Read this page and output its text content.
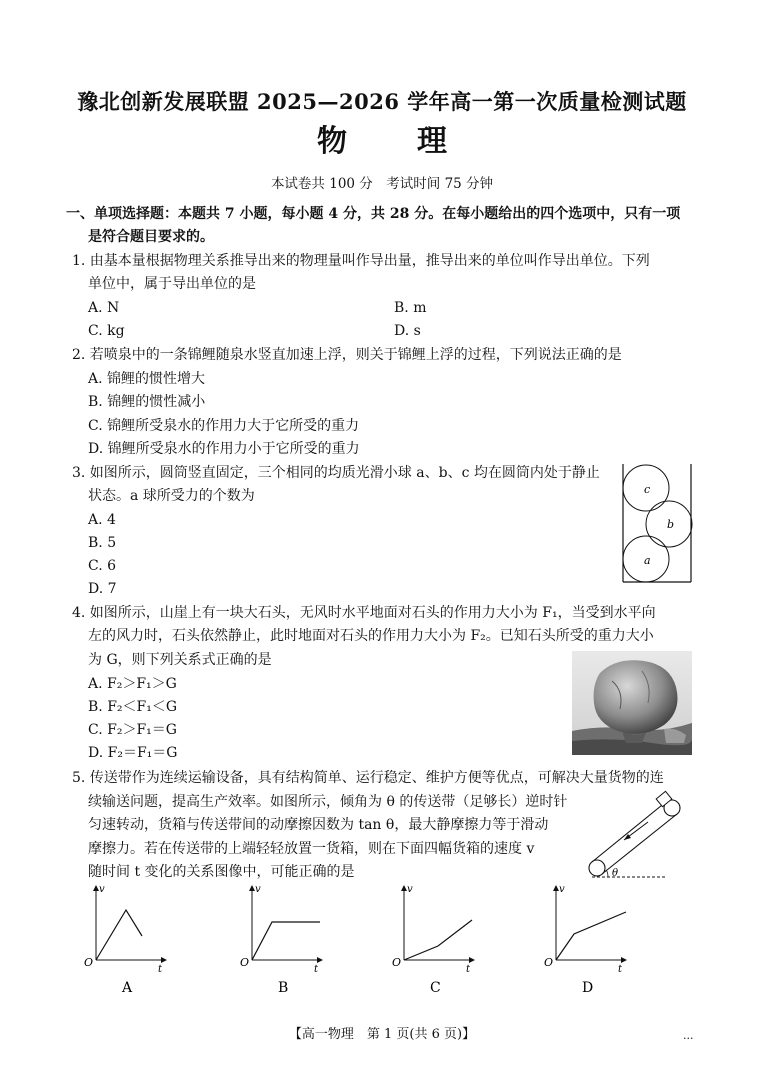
豫北创新发展联盟 2025—2026 学年高一第一次质量检测试题
物理
本试卷共 100 分　考试时间 75 分钟
一、单项选择题：本题共 7 小题，每小题 4 分，共 28 分。在每小题给出的四个选项中，只有一项
是符合题目要求的。
1. 由基本量根据物理关系推导出来的物理量叫作导出量，推导出来的单位叫作导出单位。下列
单位中，属于导出单位的是
A. N	B. m
C. kg	D. s
2. 若喷泉中的一条锦鲤随泉水竖直加速上浮，则关于锦鲤上浮的过程，下列说法正确的是
A. 锦鲤的惯性增大
B. 锦鲤的惯性减小
C. 锦鲤所受泉水的作用力大于它所受的重力
D. 锦鲤所受泉水的作用力小于它所受的重力
3. 如图所示，圆筒竖直固定，三个相同的均质光滑小球 a、b、c 均在圆筒内处于静止
状态。a 球所受力的个数为
A. 4
B. 5
C. 6
D. 7
c
b
a
4. 如图所示，山崖上有一块大石头，无风时水平地面对石头的作用力大小为 F₁，当受到水平向
左的风力时，石头依然静止，此时地面对石头的作用力大小为 F₂。已知石头所受的重力大小
为 G，则下列关系式正确的是
A. F₂＞F₁＞G
B. F₂＜F₁＜G
C. F₂＞F₁＝G
D. F₂＝F₁＝G
5. 传送带作为连续运输设备，具有结构简单、运行稳定、维护方便等优点，可解决大量货物的连
续输送问题，提高生产效率。如图所示，倾角为 θ 的传送带（足够长）逆时针
匀速转动，货箱与传送带间的动摩擦因数为 tan θ，最大静摩擦力等于滑动
摩擦力。若在传送带的上端轻轻放置一货箱，则在下面四幅货箱的速度 v
随时间 t 变化的关系图像中，可能正确的是	θ
v
t
O
A
v
t
O
B
v
t
O
C
v
t
O
D
【高一物理　第 1 页(共 6 页)】	...
